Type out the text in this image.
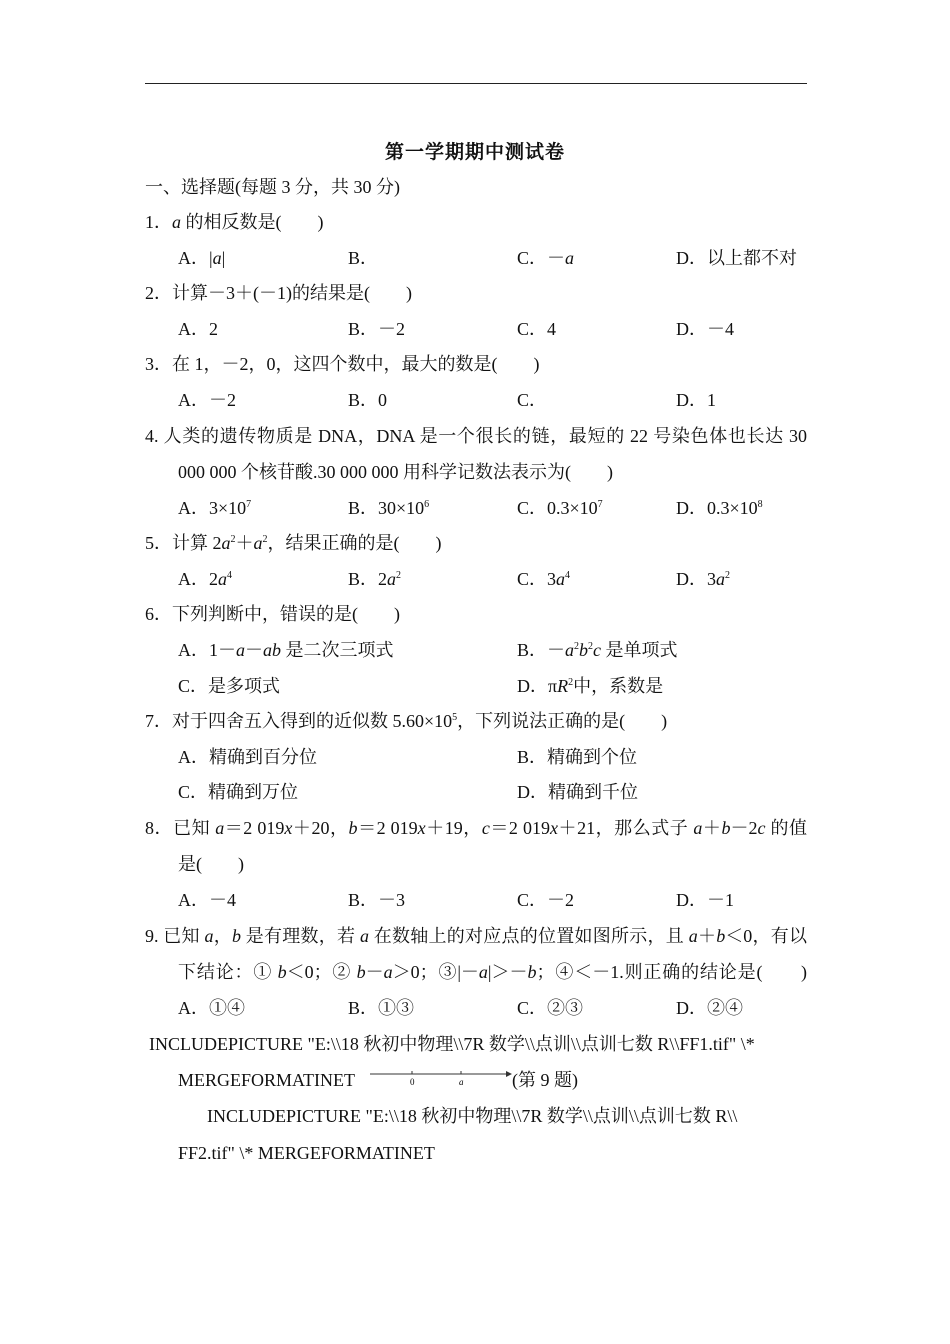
第一学期期中测试卷
一、选择题(每题 3 分，共 30 分)
1．a 的相反数是(　　)
A．|a|	B．	C．－a	D．以上都不对
2．计算－3＋(－1)的结果是(　　)
A．2	B．－2	C．4	D．－4
3．在 1，－2，0，这四个数中，最大的数是(　　)
A．－2	B．0	C．	D．1
4. 人类的遗传物质是 DNA，DNA 是一个很长的链，最短的 22 号染色体也长达 30
000 000 个核苷酸.30 000 000 用科学记数法表示为(　　)
A．$3\times 10^7$	B．$30\times 10^6$	C．$0.3\times 10^7$	D．$0.3\times 10^8$
5．计算 $2a^2+a^2$，结果正确的是(　　)
A．$2a^4$	B．$2a^2$	C．$3a^4$	D．$3a^2$
6．下列判断中，错误的是(　　)
A．1－a－ab 是二次三项式	B．$-a^2b^2c$ 是单项式
C．是多项式	D．$\pi R^2$中，系数是
7．对于四舍五入得到的近似数 $5.60\times 10^5$，下列说法正确的是(　　)
A．精确到百分位	B．精确到个位
C．精确到万位	D．精确到千位
8．已知 a＝2 019x＋20，b＝2 019x＋19，c＝2 019x＋21，那么式子 a＋b－2c 的值
是(　　)
A．－4	B．－3	C．－2	D．－1
9. 已知 a，b 是有理数，若 a 在数轴上的对应点的位置如图所示，且 a＋b＜0，有以
下结论：① b＜0；② b－a＞0；③|－a|＞－b；④＜－1.则正确的结论是(　　)
A．①④	B．①③	C．②③	D．②④
INCLUDEPICTURE "E:\\18 秋初中物理\\7R 数学\\点训\\点训七数 R\\FF1.tif" \*
MERGEFORMATINET	0	a	(第 9 题)
INCLUDEPICTURE "E:\\18 秋初中物理\\7R 数学\\点训\\点训七数 R\\
FF2.tif" \* MERGEFORMATINET
